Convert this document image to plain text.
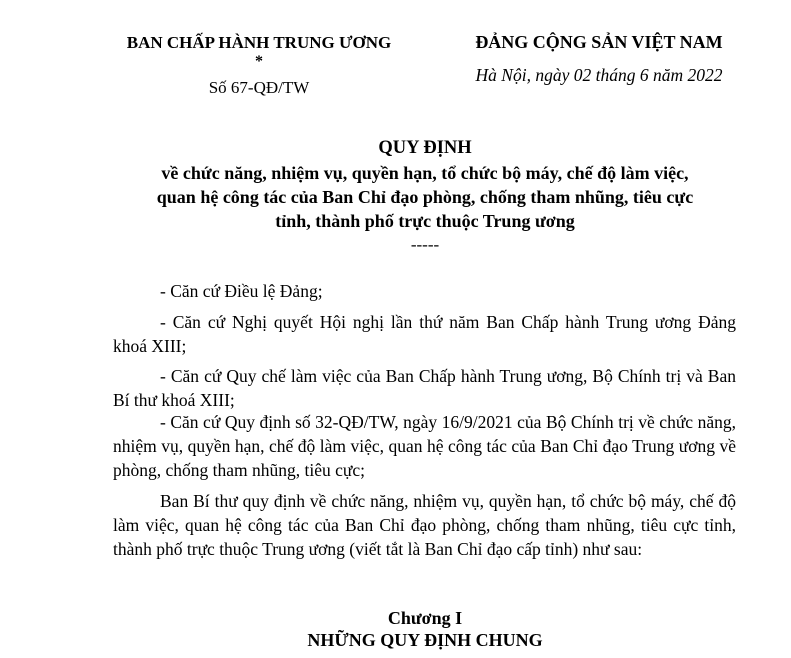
BAN CHẤP HÀNH TRUNG ƯƠNG
*
Số 67-QĐ/TW
ĐẢNG CỘNG SẢN VIỆT NAM
Hà Nội, ngày 02 tháng 6 năm 2022
QUY ĐỊNH
về chức năng, nhiệm vụ, quyền hạn, tổ chức bộ máy, chế độ làm việc,
quan hệ công tác của Ban Chỉ đạo phòng, chống tham nhũng, tiêu cực
tỉnh, thành phố trực thuộc Trung ương
-----
- Căn cứ Điều lệ Đảng;
- Căn cứ Nghị quyết Hội nghị lần thứ năm Ban Chấp hành Trung ương Đảng khoá XIII;
- Căn cứ Quy chế làm việc của Ban Chấp hành Trung ương, Bộ Chính trị và Ban Bí thư khoá XIII;
- Căn cứ Quy định số 32-QĐ/TW, ngày 16/9/2021 của Bộ Chính trị về chức năng, nhiệm vụ, quyền hạn, chế độ làm việc, quan hệ công tác của Ban Chỉ đạo Trung ương về phòng, chống tham nhũng, tiêu cực;
Ban Bí thư quy định về chức năng, nhiệm vụ, quyền hạn, tổ chức bộ máy, chế độ làm việc, quan hệ công tác của Ban Chỉ đạo phòng, chống tham nhũng, tiêu cực tỉnh, thành phố trực thuộc Trung ương (viết tắt là Ban Chỉ đạo cấp tỉnh) như sau:
Chương I
NHỮNG QUY ĐỊNH CHUNG
